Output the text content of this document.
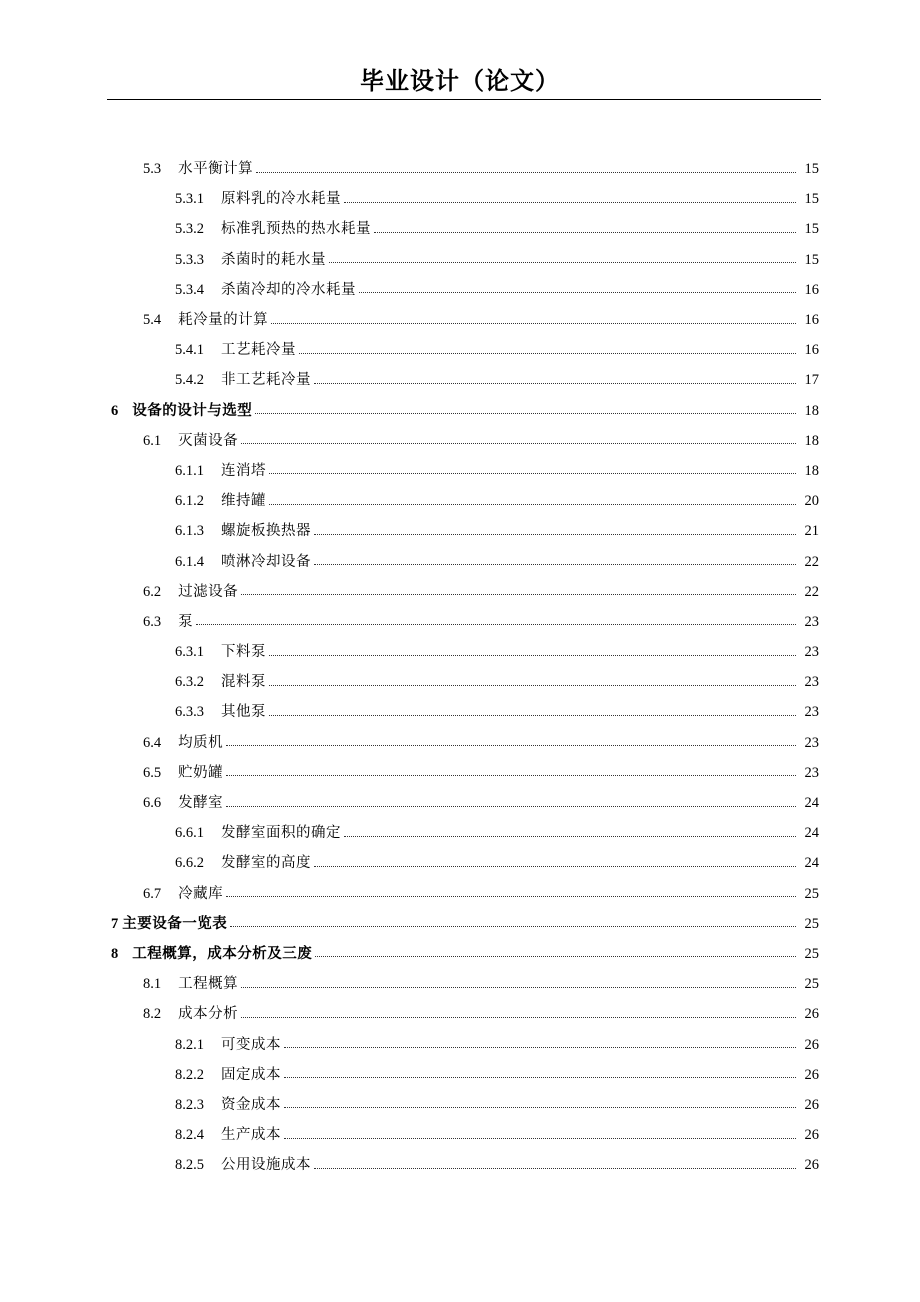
毕业设计（论文）
5.3 水平衡计算	15
5.3.1 原料乳的冷水耗量	15
5.3.2 标准乳预热的热水耗量	15
5.3.3 杀菌时的耗水量	15
5.3.4 杀菌冷却的冷水耗量	16
5.4 耗冷量的计算	16
5.4.1 工艺耗冷量	16
5.4.2 非工艺耗冷量	17
6 设备的设计与选型	18
6.1 灭菌设备	18
6.1.1 连消塔	18
6.1.2 维持罐	20
6.1.3 螺旋板换热器	21
6.1.4 喷淋冷却设备	22
6.2 过滤设备	22
6.3 泵	23
6.3.1 下料泵	23
6.3.2 混料泵	23
6.3.3 其他泵	23
6.4 均质机	23
6.5 贮奶罐	23
6.6 发酵室	24
6.6.1 发酵室面积的确定	24
6.6.2 发酵室的高度	24
6.7 冷藏库	25
7 主要设备一览表	25
8 工程概算，成本分析及三废	25
8.1 工程概算	25
8.2 成本分析	26
8.2.1 可变成本	26
8.2.2 固定成本	26
8.2.3 资金成本	26
8.2.4 生产成本	26
8.2.5 公用设施成本	26
